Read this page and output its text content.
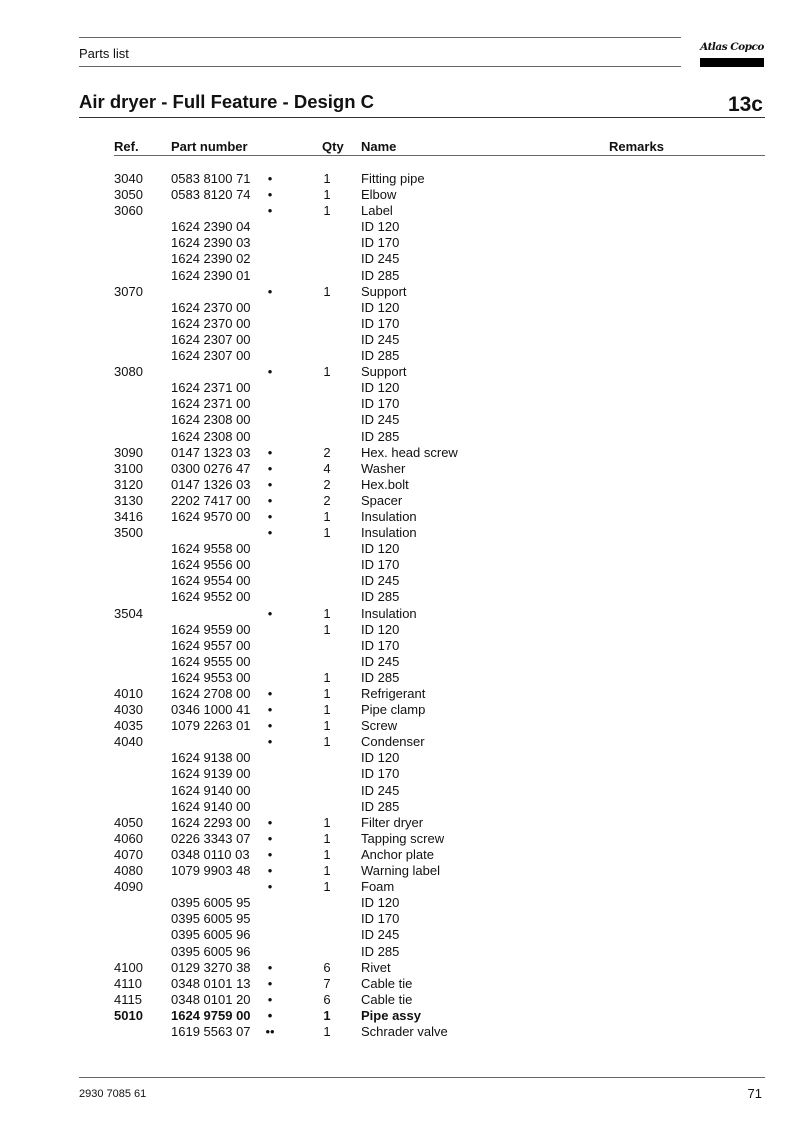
Parts list	Atlas Copco
Air dryer - Full Feature - Design C	13c
Ref. Part number	Qty Name	Remarks
3040 0583 8100 71	•	1	Fitting pipe
3050 0583 8120 74	•	1	Elbow
3060	•	1	Label
1624 2390 04	ID 120
1624 2390 03	ID 170
1624 2390 02	ID 245
1624 2390 01	ID 285
3070	•	1	Support
1624 2370 00	ID 120
1624 2370 00	ID 170
1624 2307 00	ID 245
1624 2307 00	ID 285
3080	•	1	Support
1624 2371 00	ID 120
1624 2371 00	ID 170
1624 2308 00	ID 245
1624 2308 00	ID 285
3090 0147 1323 03	•	2	Hex. head screw
3100 0300 0276 47	•	4	Washer
3120 0147 1326 03	•	2	Hex.bolt
3130 2202 7417 00	•	2	Spacer
3416 1624 9570 00	•	1	Insulation
3500	•	1	Insulation
1624 9558 00	ID 120
1624 9556 00	ID 170
1624 9554 00	ID 245
1624 9552 00	ID 285
3504	•	1	Insulation
1624 9559 00	1	ID 120
1624 9557 00	ID 170
1624 9555 00	ID 245
1624 9553 00	1	ID 285
4010 1624 2708 00	•	1	Refrigerant
4030 0346 1000 41	•	1	Pipe clamp
4035 1079 2263 01	•	1	Screw
4040	•	1	Condenser
1624 9138 00	ID 120
1624 9139 00	ID 170
1624 9140 00	ID 245
1624 9140 00	ID 285
4050 1624 2293 00	•	1	Filter dryer
4060 0226 3343 07	•	1	Tapping screw
4070 0348 0110 03	•	1	Anchor plate
4080 1079 9903 48	•	1	Warning label
4090	•	1	Foam
0395 6005 95	ID 120
0395 6005 95	ID 170
0395 6005 96	ID 245
0395 6005 96	ID 285
4100 0129 3270 38	•	6	Rivet
4110 0348 0101 13	•	7	Cable tie
4115 0348 0101 20	•	6	Cable tie
5010 1624 9759 00	•	1	Pipe assy
1619 5563 07 ••	1	Schrader valve
2930 7085 61	71
